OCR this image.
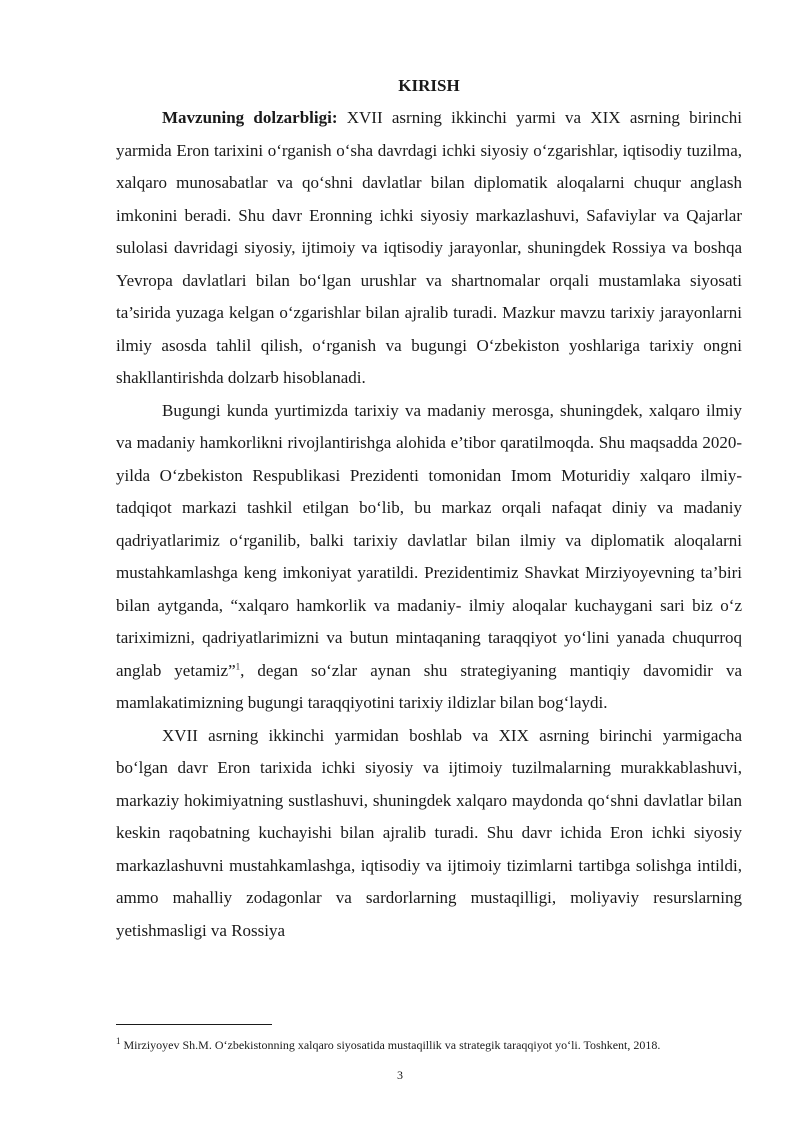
KIRISH

Mavzuning dolzarbligi: XVII asrning ikkinchi yarmi va XIX asrning birinchi yarmida Eron tarixini oʻrganish oʻsha davrdagi ichki siyosiy oʻzgarishlar, iqtisodiy tuzilma, xalqaro munosabatlar va qoʻshni davlatlar bilan diplomatik aloqalarni chuqur anglash imkonini beradi. Shu davr Eronning ichki siyosiy markazlashuvi, Safaviylar va Qajarlar sulolasi davridagi siyosiy, ijtimoiy va iqtisodiy jarayonlar, shuningdek Rossiya va boshqa Yevropa davlatlari bilan boʻlgan urushlar va shartnomalar orqali mustamlaka siyosati ta’sirida yuzaga kelgan oʻzgarishlar bilan ajralib turadi. Mazkur mavzu tarixiy jarayonlarni ilmiy asosda tahlil qilish, oʻrganish va bugungi Oʻzbekiston yoshlariga tarixiy ongni shakllantirishda dolzarb hisoblanadi.

Bugungi kunda yurtimizda tarixiy va madaniy merosga, shuningdek, xalqaro ilmiy va madaniy hamkorlikni rivojlantirishga alohida e’tibor qaratilmoqda. Shu maqsadda 2020-yilda Oʻzbekiston Respublikasi Prezidenti tomonidan Imom Moturidiy xalqaro ilmiy-tadqiqot markazi tashkil etilgan boʻlib, bu markaz orqali nafaqat diniy va madaniy qadriyatlarimiz oʻrganilib, balki tarixiy davlatlar bilan ilmiy va diplomatik aloqalarni mustahkamlashga keng imkoniyat yaratildi. Prezidentimiz Shavkat Mirziyoyevning ta’biri bilan aytganda, “xalqaro hamkorlik va madaniy- ilmiy aloqalar kuchaygani sari biz oʻz tariximizni, qadriyatlarimizni va butun mintaqaning taraqqiyot yoʻlini yanada chuqurroq anglab yetamiz”$^1$, degan soʻzlar aynan shu strategiyaning mantiqiy davomidir va mamlakatimizning bugungi taraqqiyotini tarixiy ildizlar bilan bogʻlaydi.

XVII asrning ikkinchi yarmidan boshlab va XIX asrning birinchi yarmigacha boʻlgan davr Eron tarixida ichki siyosiy va ijtimoiy tuzilmalarning murakkablashuvi, markaziy hokimiyatning sustlashuvi, shuningdek xalqaro maydonda qoʻshni davlatlar bilan keskin raqobatning kuchayishi bilan ajralib turadi. Shu davr ichida Eron ichki siyosiy markazlashuvni mustahkamlashga, iqtisodiy va ijtimoiy tizimlarni tartibga solishga intildi, ammo mahalliy zodagonlar va sardorlarning mustaqilligi, moliyaviy resurslarning yetishmasligi va Rossiya

$^1$ Mirziyoyev Sh.M. Oʻzbekistonning xalqaro siyosatida mustaqillik va strategik taraqqiyot yoʻli. Toshkent, 2018.
3
